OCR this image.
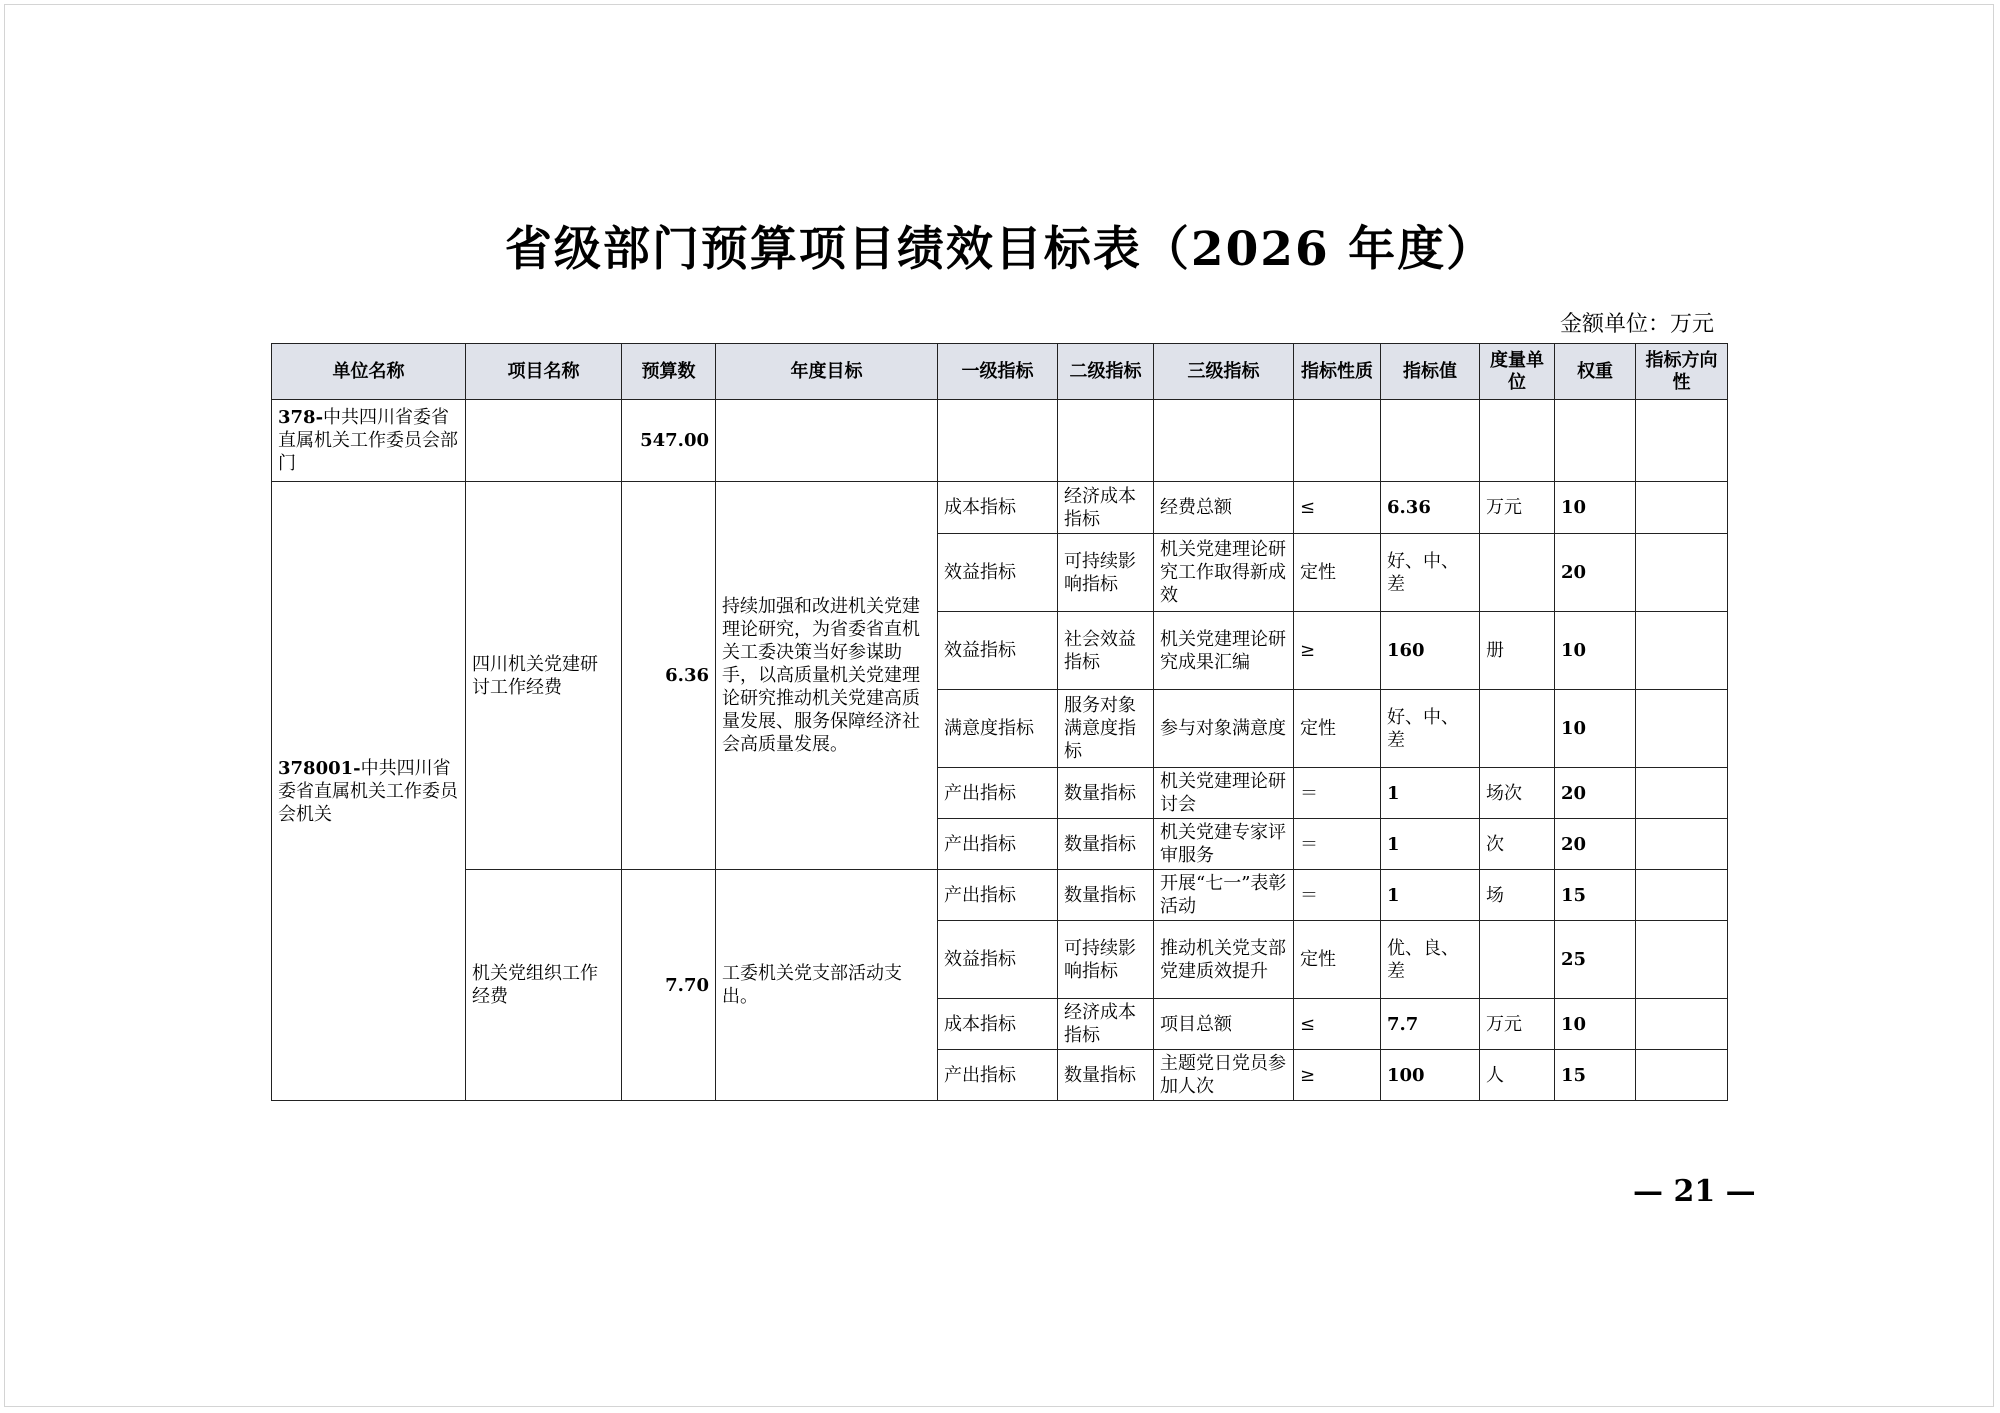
省级部门预算项目绩效目标表（2026 年度）
金额单位：万元
单位名称	项目名称	预算数	年度目标	一级指标	二级指标	三级指标	指标性质	指标值	度量单位	权重	指标方向性
378-中共四川省委省直属机关工作委员会部门		547.00									
378001-中共四川省委省直属机关工作委员会机关	四川机关党建研讨工作经费	6.36	持续加强和改进机关党建理论研究，为省委省直机关工委决策当好参谋助手，以高质量机关党建理论研究推动机关党建高质量发展、服务保障经济社会高质量发展。	成本指标	经济成本指标	经费总额	≤	6.36	万元	10	
				效益指标	可持续影响指标	机关党建理论研究工作取得新成效	定性	好、中、差		20	
				效益指标	社会效益指标	机关党建理论研究成果汇编	≥	160	册	10	
				满意度指标	服务对象满意度指标	参与对象满意度	定性	好、中、差		10	
				产出指标	数量指标	机关党建理论研讨会	＝	1	场次	20	
				产出指标	数量指标	机关党建专家评审服务	＝	1	次	20	
	机关党组织工作经费	7.70	工委机关党支部活动支出。	产出指标	数量指标	开展“七一”表彰活动	＝	1	场	15	
				效益指标	可持续影响指标	推动机关党支部党建质效提升	定性	优、良、差		25	
				成本指标	经济成本指标	项目总额	≤	7.7	万元	10	
				产出指标	数量指标	主题党日党员参加人次	≥	100	人	15	
— 21 —
